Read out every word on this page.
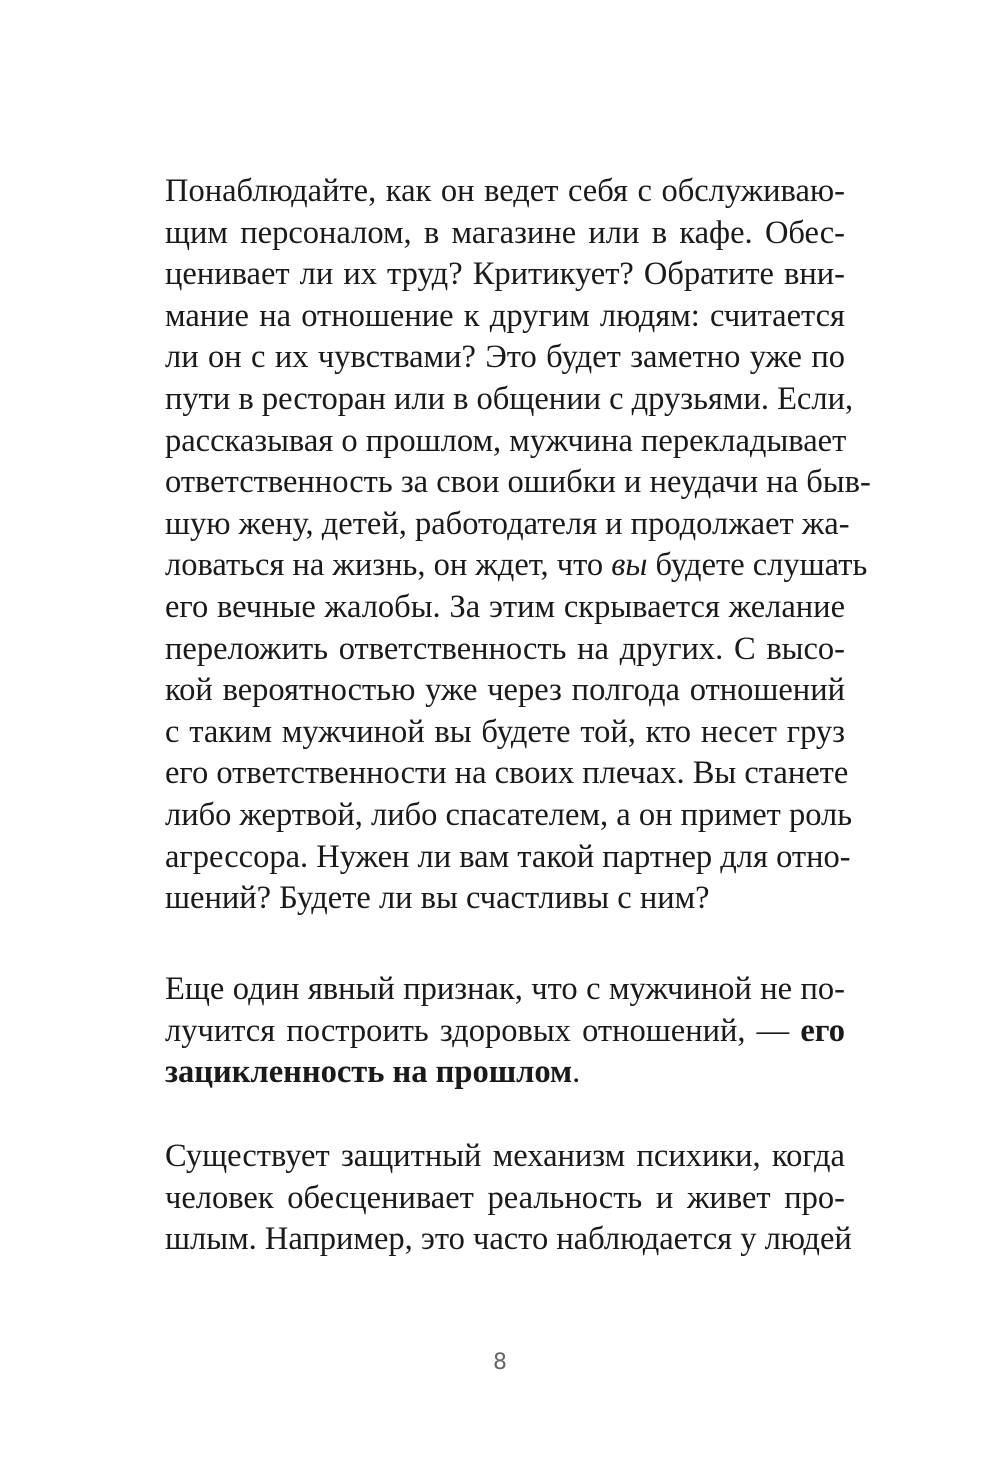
Понаблюдайте, как он ведет себя с обслуживаю-
щим персоналом, в магазине или в кафе. Обес-
ценивает ли их труд? Критикует? Обратите вни-
мание на отношение к другим людям: считается
ли он с их чувствами? Это будет заметно уже по
пути в ресторан или в общении с друзьями. Если,
рассказывая о прошлом, мужчина перекладывает
ответственность за свои ошибки и неудачи на быв-
шую жену, детей, работодателя и продолжает жа-
ловаться на жизнь, он ждет, что вы будете слушать
его вечные жалобы. За этим скрывается желание
переложить ответственность на других. С высо-
кой вероятностью уже через полгода отношений
с таким мужчиной вы будете той, кто несет груз
его ответственности на своих плечах. Вы станете
либо жертвой, либо спасателем, а он примет роль
агрессора. Нужен ли вам такой партнер для отно-
шений? Будете ли вы счастливы с ним?
Еще один явный признак, что с мужчиной не по-
лучится построить здоровых отношений, — его
зацикленность на прошлом.
Существует защитный механизм психики, когда
человек обесценивает реальность и живет про-
шлым. Например, это часто наблюдается у людей
8
